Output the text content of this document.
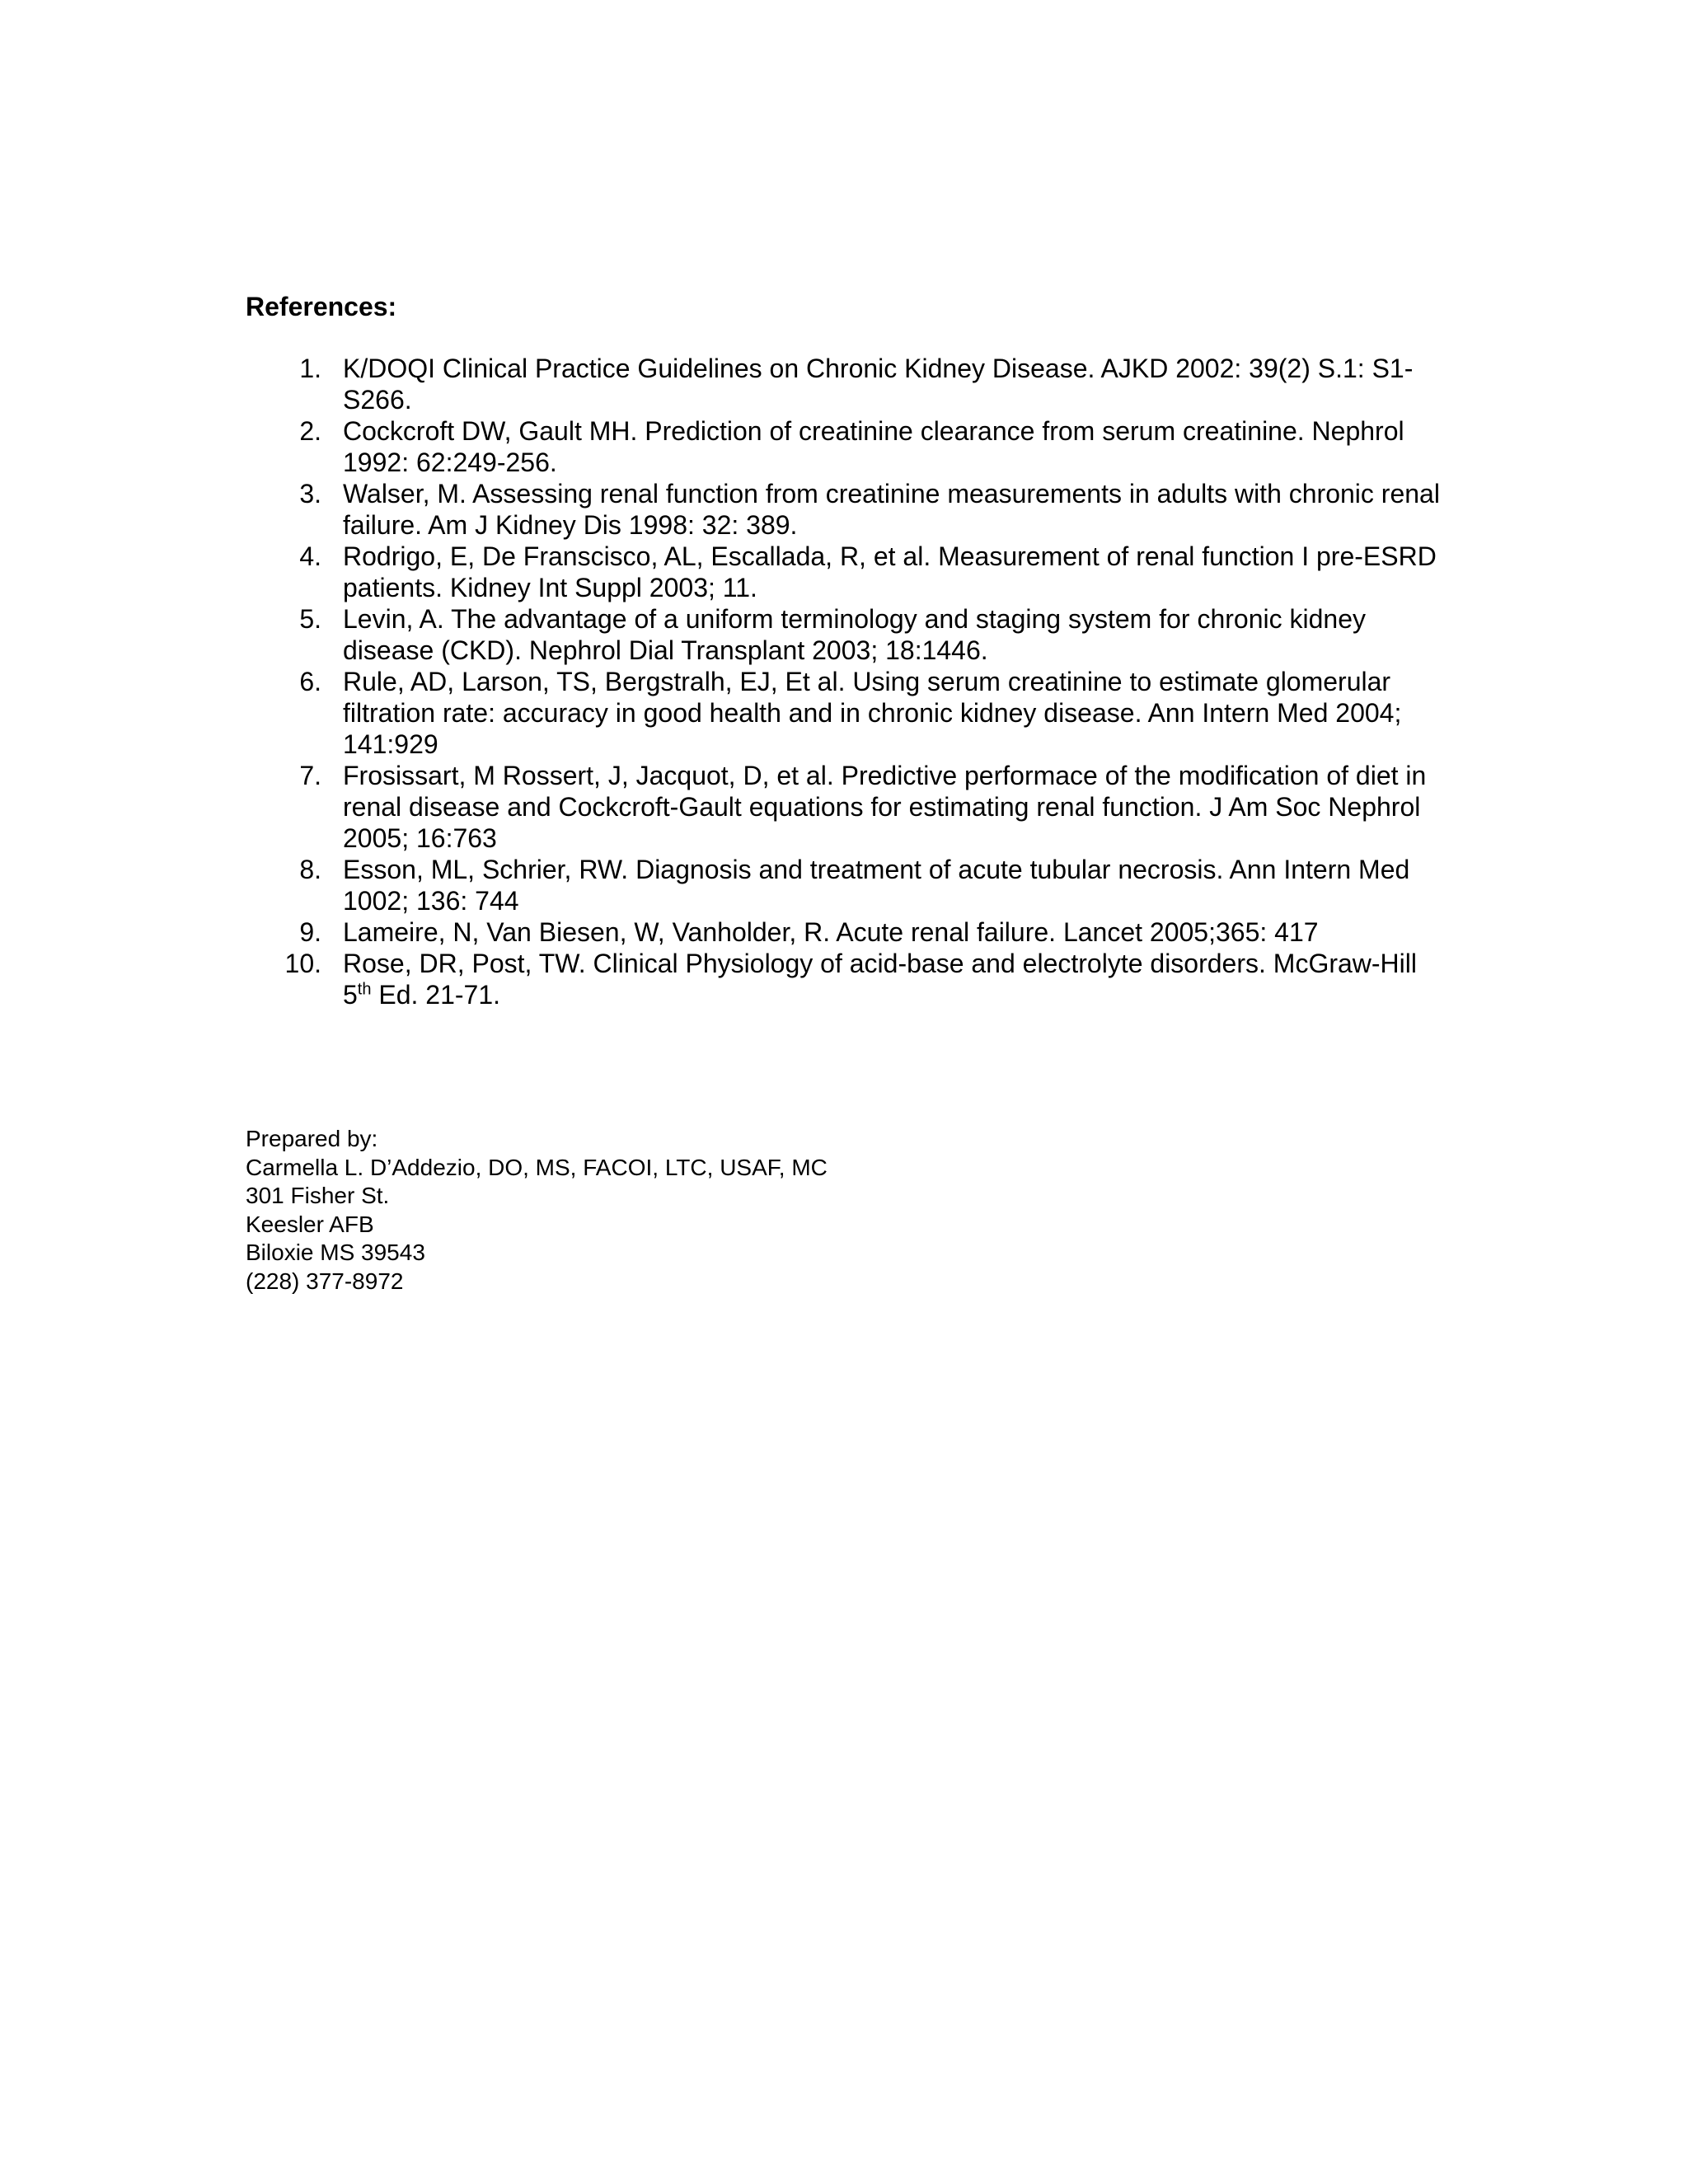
References:
1. K/DOQI Clinical Practice Guidelines on Chronic Kidney Disease. AJKD 2002: 39(2) S.1: S1-S266.
2. Cockcroft DW, Gault MH. Prediction of creatinine clearance from serum creatinine. Nephrol 1992: 62:249-256.
3. Walser, M. Assessing renal function from creatinine measurements in adults with chronic renal failure. Am J Kidney Dis 1998: 32: 389.
4. Rodrigo, E, De Franscisco, AL, Escallada, R, et al. Measurement of renal function I pre-ESRD patients. Kidney Int Suppl 2003; 11.
5. Levin, A. The advantage of a uniform terminology and staging system for chronic kidney disease (CKD). Nephrol Dial Transplant 2003; 18:1446.
6. Rule, AD, Larson, TS, Bergstralh, EJ, Et al. Using serum creatinine to estimate glomerular filtration rate: accuracy in good health and in chronic kidney disease. Ann Intern Med 2004; 141:929
7. Frosissart, M Rossert, J, Jacquot, D, et al. Predictive performace of the modification of diet in renal disease and Cockcroft-Gault equations for estimating renal function. J Am Soc Nephrol 2005; 16:763
8. Esson, ML, Schrier, RW. Diagnosis and treatment of acute tubular necrosis. Ann Intern Med 1002; 136: 744
9. Lameire, N, Van Biesen, W, Vanholder, R. Acute renal failure. Lancet 2005;365: 417
10. Rose, DR, Post, TW. Clinical Physiology of acid-base and electrolyte disorders. McGraw-Hill 5th Ed. 21-71.
Prepared by:
Carmella L. D’Addezio, DO, MS, FACOI, LTC, USAF, MC
301 Fisher St.
Keesler AFB
Biloxie MS 39543
(228) 377-8972
